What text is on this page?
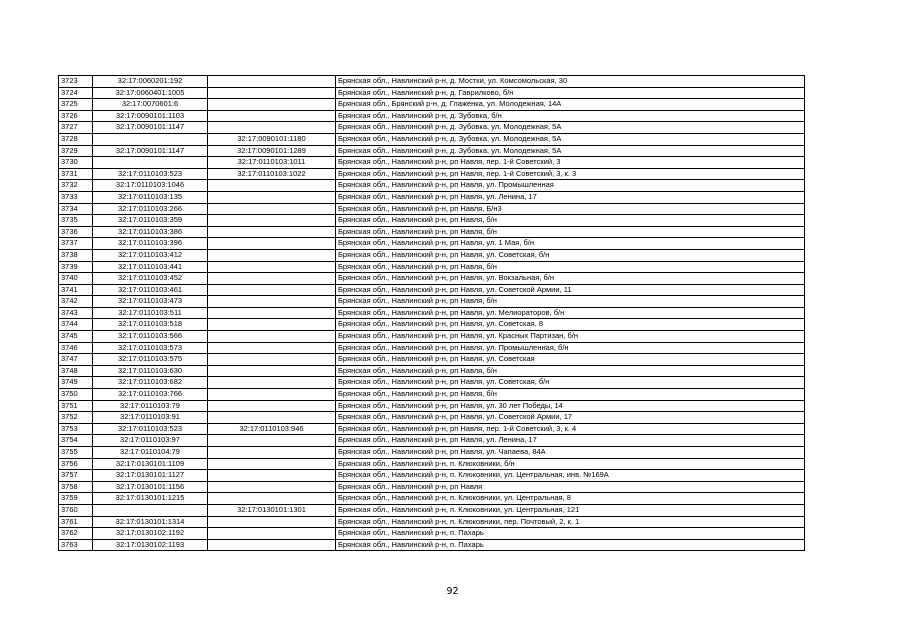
3723	32:17:0060201:192		Брянская обл., Навлинский р-н, д. Мостки, ул. Комсомольская, 30
3724	32:17:0060401:1005		Брянская обл., Навлинский р-н, д. Гаврилково, б/н
3725	32:17:0070601:6		Брянская обл., Брянский р-н, д. Глаженка, ул. Молодежная, 14А
3726	32:17:0090101:1103		Брянская обл., Навлинский р-н, д. Зубовка, б/н
3727	32:17:0090101:1147		Брянская обл., Навлинский р-н, д. Зубовка, ул. Молодежная, 5А
3728		32:17:0090101:1180	Брянская обл., Навлинский р-н, д. Зубовка, ул. Молодежная, 5А
3729	32:17:0090101:1147	32:17:0090101:1289	Брянская обл., Навлинский р-н, д. Зубовка, ул. Молодежная, 5А
3730		32:17:0110103:1011	Брянская обл., Навлинский р-н, рп Навля, пер. 1-й Советский, 3
3731	32:17:0110103:523	32:17:0110103:1022	Брянская обл., Навлинский р-н, рп Навля, пер. 1-й Советский, 3, к. 3
3732	32:17:0110103:1046		Брянская обл., Навлинский р-н, рп Навля, ул. Промышленная
3733	32:17:0110103:135		Брянская обл., Навлинский р-н, рп Навля, ул. Ленина, 17
3734	32:17:0110103:266		Брянская обл., Навлинский р-н, рп Навля, Б/н3
3735	32:17:0110103:359		Брянская обл., Навлинский р-н, рп Навля, б/н
3736	32:17:0110103:386		Брянская обл., Навлинский р-н, рп Навля, б/н
3737	32:17:0110103:396		Брянская обл., Навлинский р-н, рп Навля, ул. 1 Мая, б/н
3738	32:17:0110103:412		Брянская обл., Навлинский р-н, рп Навля, ул. Советская, б/н
3739	32:17:0110103:441		Брянская обл., Навлинский р-н, рп Навля, б/н
3740	32:17:0110103:452		Брянская обл., Навлинский р-н, рп Навля, ул. Вокзальная, б/н
3741	32:17:0110103:461		Брянская обл., Навлинский р-н, рп Навля, ул. Советской Армии, 11
3742	32:17:0110103:473		Брянская обл., Навлинский р-н, рп Навля, б/н
3743	32:17:0110103:511		Брянская обл., Навлинский р-н, рп Навля, ул. Мелиораторов, б/н
3744	32:17:0110103:518		Брянская обл., Навлинский р-н, рп Навля, ул. Советская, 8
3745	32:17:0110103:566		Брянская обл., Навлинский р-н, рп Навля, ул. Красных Партизан, б/н
3746	32:17:0110103:573		Брянская обл., Навлинский р-н, рп Навля, ул. Промышленная, б/н
3747	32:17:0110103:575		Брянская обл., Навлинский р-н, рп Навля, ул. Советская
3748	32:17:0110103:630		Брянская обл., Навлинский р-н, рп Навля, б/н
3749	32:17:0110103:682		Брянская обл., Навлинский р-н, рп Навля, ул. Советская, б/н
3750	32:17:0110103:766		Брянская обл., Навлинский р-н, рп Навля, б/н
3751	32:17:0110103:79		Брянская обл., Навлинский р-н, рп Навля, ул. 30 лет Победы, 14
3752	32:17:0110103:91		Брянская обл., Навлинский р-н, рп Навля, ул. Советской Армии, 17
3753	32:17:0110103:523	32:17:0110103:946	Брянская обл., Навлинский р-н, рп Навля, пер. 1-й Советский, 3, к. 4
3754	32:17:0110103:97		Брянская обл., Навлинский р-н, рп Навля, ул. Ленина, 17
3755	32:17:0110104:79		Брянская обл., Навлинский р-н, рп Навля, ул. Чапаева, 84А
3756	32:17:0130101:1109		Брянская обл., Навлинский р-н, п. Клюковники, б/н
3757	32:17:0130101:1127		Брянская обл., Навлинский р-н, п. Клюковники, ул. Центральная, инв. №169А
3758	32:17:0130101:1156		Брянская обл., Навлинский р-н, рп Навля
3759	32:17:0130101:1215		Брянская обл., Навлинский р-н, п. Клюковники, ул. Центральная, 8
3760		32:17:0130101:1301	Брянская обл., Навлинский р-н, п. Клюковники, ул. Центральная, 121
3761	32:17:0130101:1314		Брянская обл., Навлинский р-н, п. Клюковники, пер. Почтовый, 2, к. 1
3762	32:17:0130102:1192		Брянская обл., Навлинский р-н, п. Пахарь
3763	32:17:0130102:1193		Брянская обл., Навлинский р-н, п. Пахарь
92
